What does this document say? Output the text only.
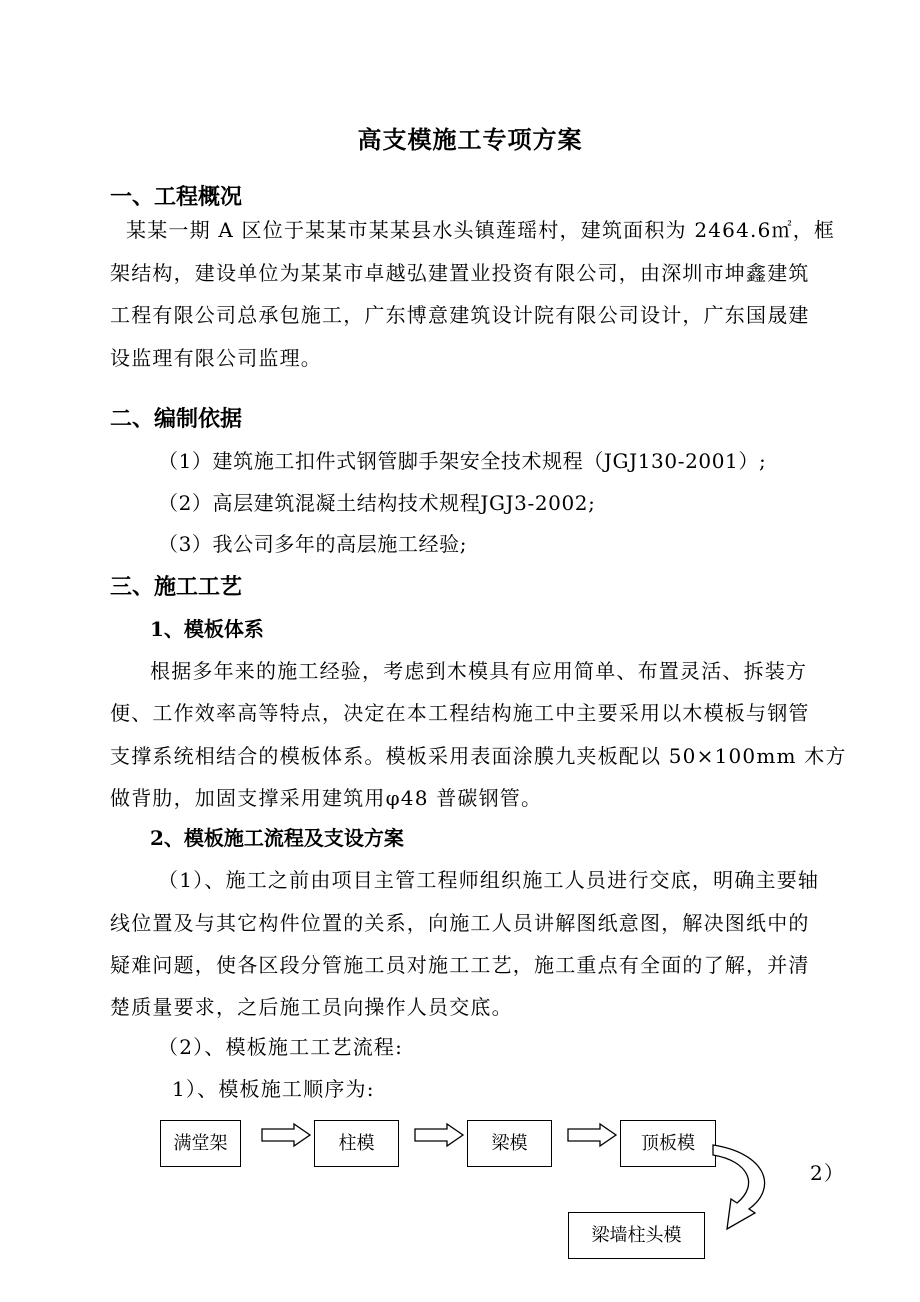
高支模施工专项方案
一、工程概况
某某一期 A 区位于某某市某某县水头镇莲瑶村，建筑面积为 2464.6㎡，框
架结构，建设单位为某某市卓越弘建置业投资有限公司，由深圳市坤鑫建筑
工程有限公司总承包施工，广东博意建筑设计院有限公司设计，广东国晟建
设监理有限公司监理。
二、编制依据
（1）建筑施工扣件式钢管脚手架安全技术规程（JGJ130-2001）;
（2）高层建筑混凝土结构技术规程JGJ3-2002;
（3）我公司多年的高层施工经验;
三、施工工艺
1、模板体系
根据多年来的施工经验，考虑到木模具有应用简单、布置灵活、拆装方
便、工作效率高等特点，决定在本工程结构施工中主要采用以木模板与钢管
支撑系统相结合的模板体系。模板采用表面涂膜九夹板配以 50×100mm 木方
做背肋，加固支撑采用建筑用φ48 普碳钢管。
2、模板施工流程及支设方案
（1）、施工之前由项目主管工程师组织施工人员进行交底，明确主要轴
线位置及与其它构件位置的关系，向施工人员讲解图纸意图，解决图纸中的
疑难问题，使各区段分管施工员对施工工艺，施工重点有全面的了解，并清
楚质量要求，之后施工员向操作人员交底。
（2）、模板施工工艺流程:
1）、模板施工顺序为:
满堂架	柱模	梁模	顶板模
梁墙柱头模
2）
